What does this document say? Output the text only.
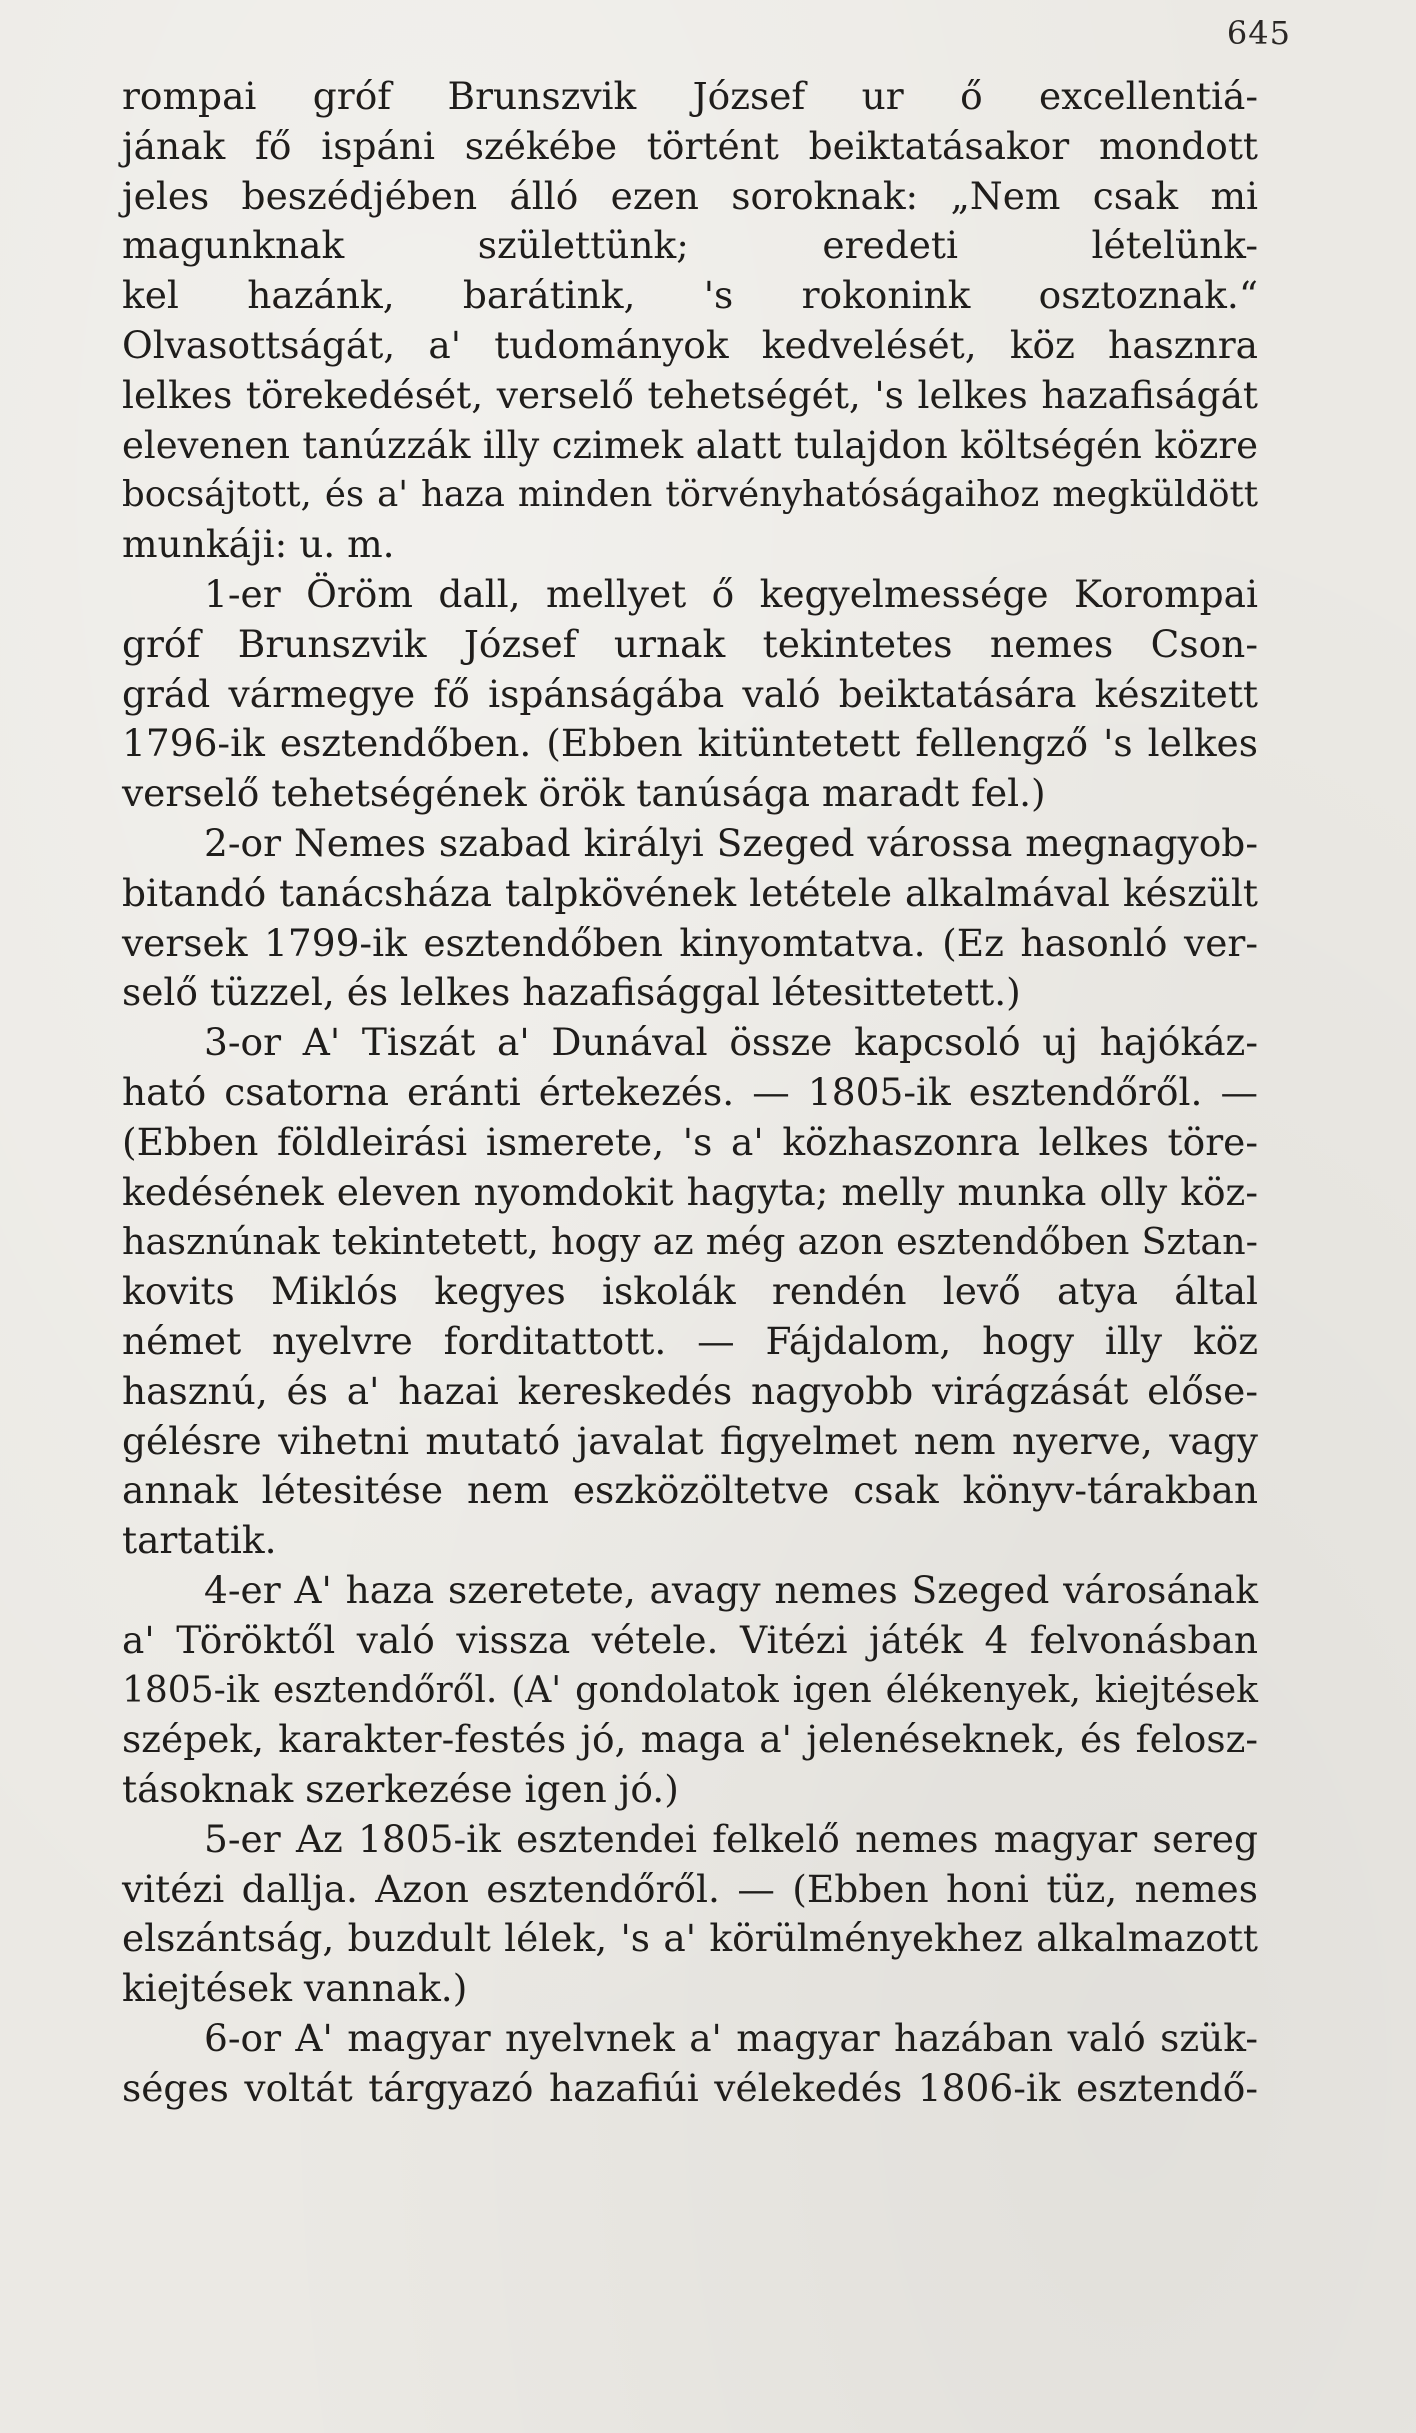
645
rompai gróf Brunszvik József ur ő excellentiá-
jának fő ispáni székébe történt beiktatásakor mondott
jeles beszédjében álló ezen soroknak: „Nem csak mi
magunknak születtünk; eredeti lételünk-
kel hazánk, barátink, 's rokonink osztoznak.“
Olvasottságát, a' tudományok kedvelését, köz hasznra
lelkes törekedését, verselő tehetségét, 's lelkes hazafiságát
elevenen tanúzzák illy czimek alatt tulajdon költségén közre
bocsájtott, és a' haza minden törvényhatóságaihoz megküldött
munkáji: u. m.
1-er Öröm dall, mellyet ő kegyelmessége Korompai
gróf Brunszvik József urnak tekintetes nemes Cson-
grád vármegye fő ispánságába való beiktatására készitett
1796-ik esztendőben. (Ebben kitüntetett fellengző 's lelkes
verselő tehetségének örök tanúsága maradt fel.)
2-or Nemes szabad királyi Szeged várossa megnagyob-
bitandó tanácsháza talpkövének letétele alkalmával készült
versek 1799-ik esztendőben kinyomtatva. (Ez hasonló ver-
selő tüzzel, és lelkes hazafisággal létesittetett.)
3-or A' Tiszát a' Dunával össze kapcsoló uj hajókáz-
ható csatorna eránti értekezés. — 1805-ik esztendőről. —
(Ebben földleirási ismerete, 's a' közhaszonra lelkes töre-
kedésének eleven nyomdokit hagyta; melly munka olly köz-
hasznúnak tekintetett, hogy az még azon esztendőben Sztan-
kovits Miklós kegyes iskolák rendén levő atya által
német nyelvre forditattott. — Fájdalom, hogy illy köz
hasznú, és a' hazai kereskedés nagyobb virágzását előse-
gélésre vihetni mutató javalat figyelmet nem nyerve, vagy
annak létesitése nem eszközöltetve csak könyv-tárakban
tartatik.
4-er A' haza szeretete, avagy nemes Szeged városának
a' Töröktől való vissza vétele. Vitézi játék 4 felvonásban
1805-ik esztendőről. (A' gondolatok igen élékenyek, kiejtések
szépek, karakter-festés jó, maga a' jelenéseknek, és felosz-
tásoknak szerkezése igen jó.)
5-er Az 1805-ik esztendei felkelő nemes magyar sereg
vitézi dallja. Azon esztendőről. — (Ebben honi tüz, nemes
elszántság, buzdult lélek, 's a' körülményekhez alkalmazott
kiejtések vannak.)
6-or A' magyar nyelvnek a' magyar hazában való szük-
séges voltát tárgyazó hazafiúi vélekedés 1806-ik esztendő-
